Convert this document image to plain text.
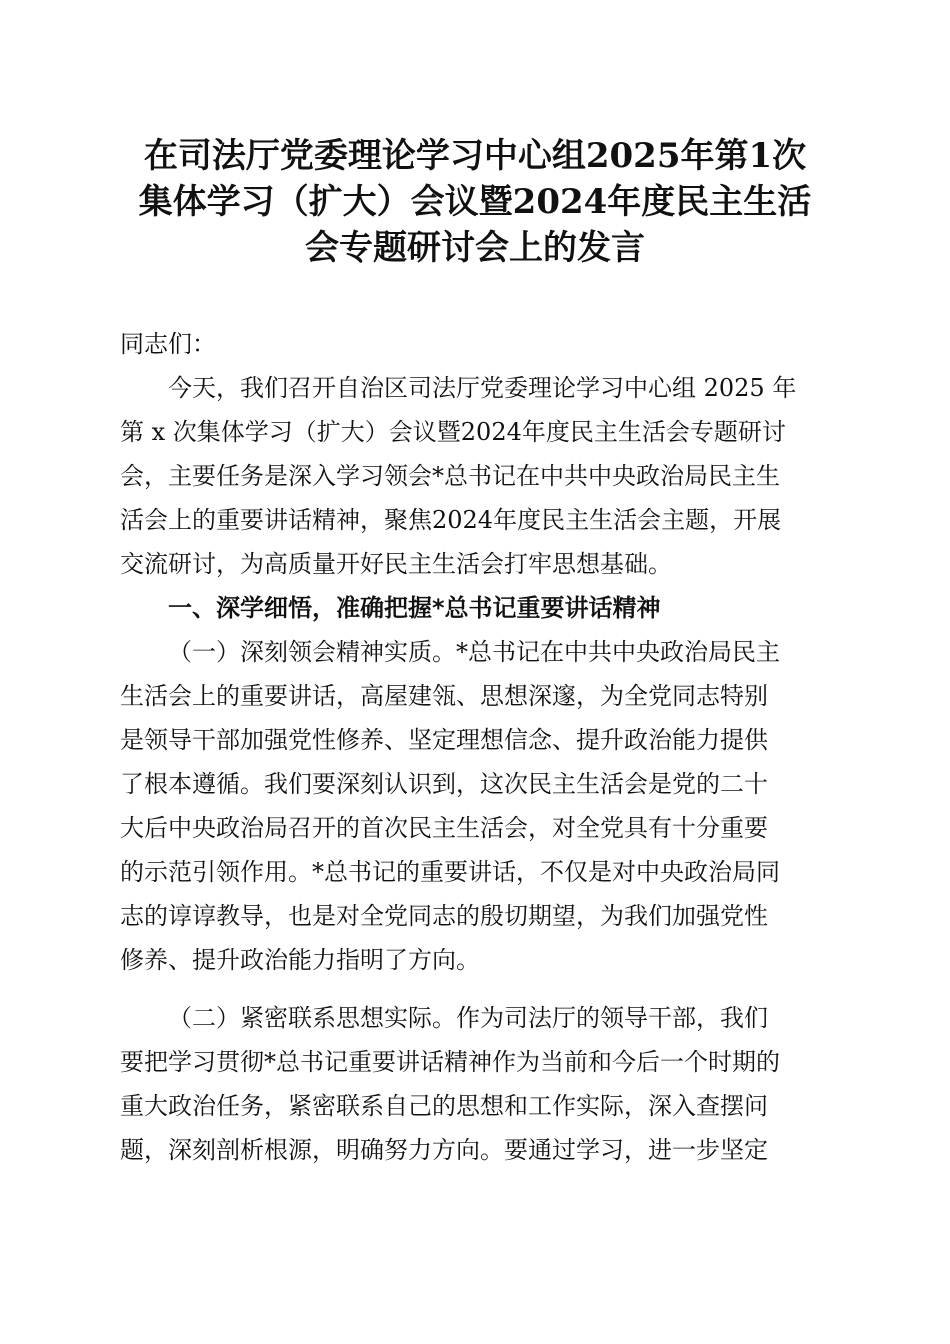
在司法厅党委理论学习中心组2025年第1次
集体学习（扩大）会议暨2024年度民主生活
会专题研讨会上的发言
同志们：
今天，我们召开自治区司法厅党委理论学习中心组 2025 年
第 x 次集体学习（扩大）会议暨2024年度民主生活会专题研讨
会，主要任务是深入学习领会*总书记在中共中央政治局民主生
活会上的重要讲话精神，聚焦2024年度民主生活会主题，开展
交流研讨，为高质量开好民主生活会打牢思想基础。
一、深学细悟，准确把握*总书记重要讲话精神
（一）深刻领会精神实质。*总书记在中共中央政治局民主
生活会上的重要讲话，高屋建瓴、思想深邃，为全党同志特别
是领导干部加强党性修养、坚定理想信念、提升政治能力提供
了根本遵循。我们要深刻认识到，这次民主生活会是党的二十
大后中央政治局召开的首次民主生活会，对全党具有十分重要
的示范引领作用。*总书记的重要讲话，不仅是对中央政治局同
志的谆谆教导，也是对全党同志的殷切期望，为我们加强党性
修养、提升政治能力指明了方向。
（二）紧密联系思想实际。作为司法厅的领导干部，我们
要把学习贯彻*总书记重要讲话精神作为当前和今后一个时期的
重大政治任务，紧密联系自己的思想和工作实际，深入查摆问
题，深刻剖析根源，明确努力方向。要通过学习，进一步坚定
